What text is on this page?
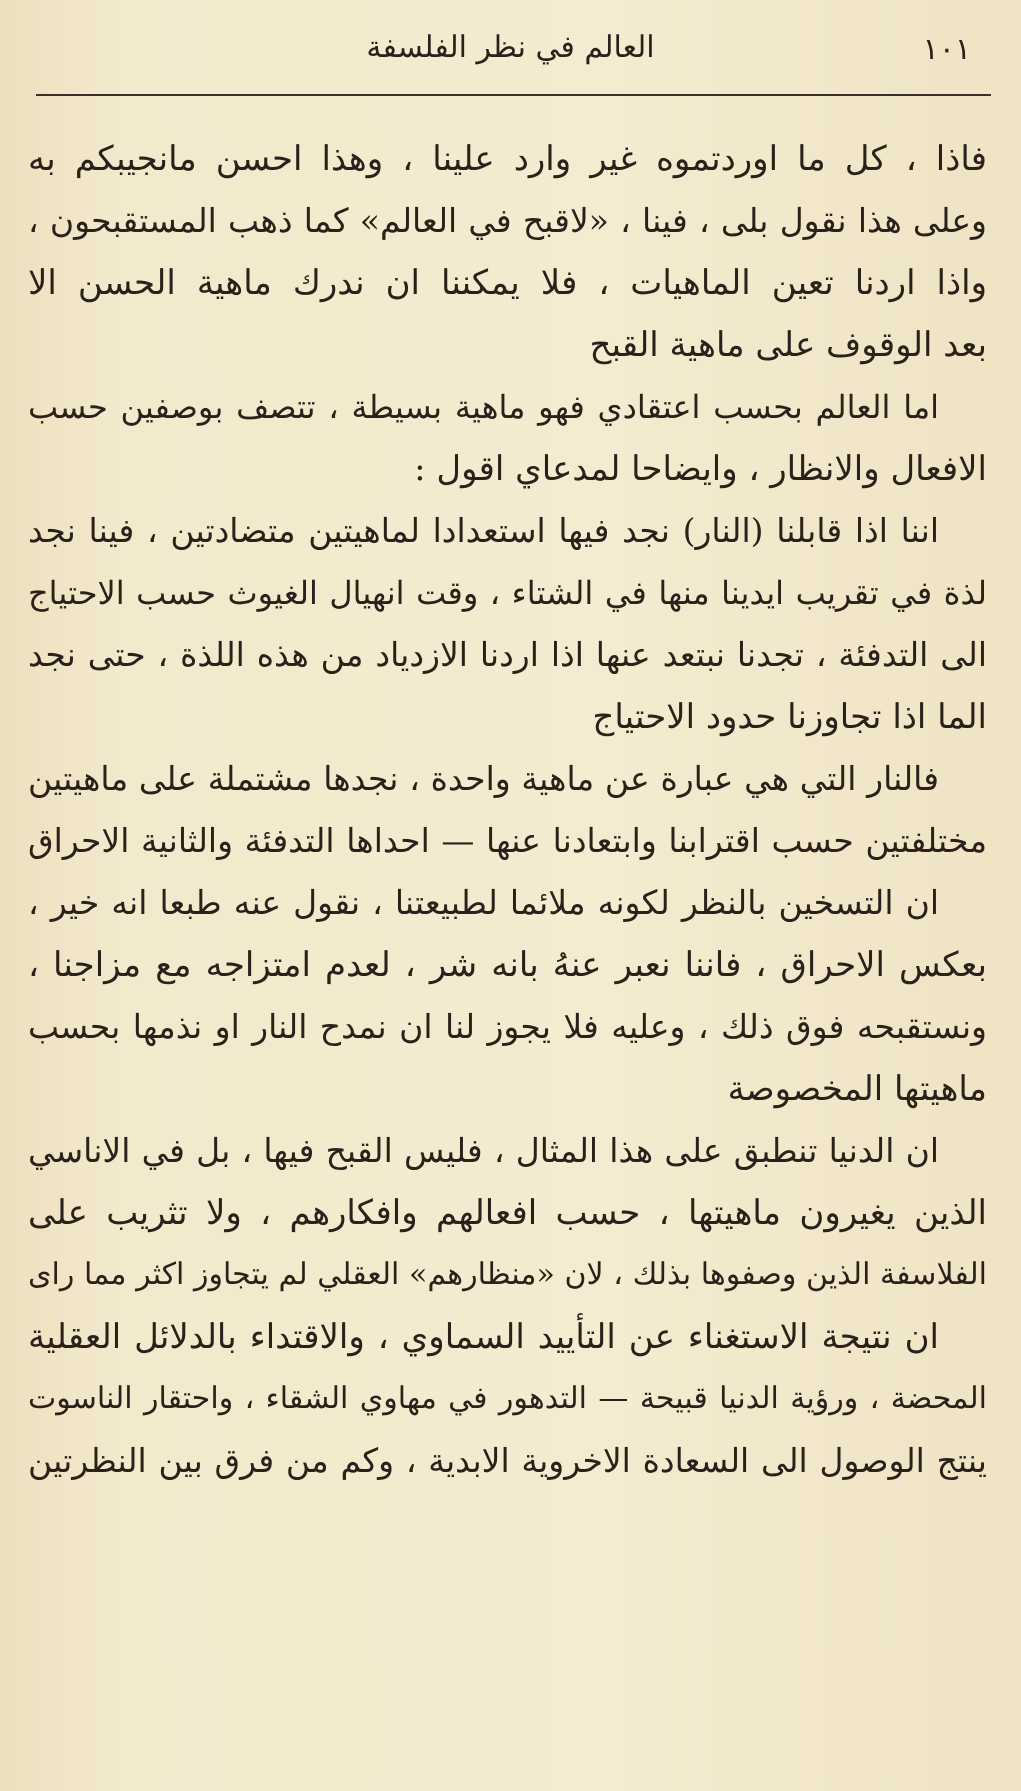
١٠١
العالم في نظر الفلسفة
فاذا ، كل ما اوردتموه غير وارد علينا ، وهذا احسن مانجيبكم به
وعلى هذا نقول بلى ، فينا ، «لاقبح في العالم» كما ذهب المستقبحون ،
واذا اردنا تعين الماهيات ، فلا يمكننا ان ندرك ماهية الحسن الا
بعد الوقوف على ماهية القبح
اما العالم بحسب اعتقادي فهو ماهية بسيطة ، تتصف بوصفين حسب
الافعال والانظار ، وايضاحا لمدعاي اقول :
اننا اذا قابلنا (النار) نجد فيها استعدادا لماهيتين متضادتين ، فينا نجد
لذة في تقريب ايدينا منها في الشتاء ، وقت انهيال الغيوث حسب الاحتياج
الى التدفئة ، تجدنا نبتعد عنها اذا اردنا الازدياد من هذه اللذة ، حتى نجد
الما اذا تجاوزنا حدود الاحتياج
فالنار التي هي عبارة عن ماهية واحدة ، نجدها مشتملة على ماهيتين
مختلفتين حسب اقترابنا وابتعادنا عنها — احداها التدفئة والثانية الاحراق
ان التسخين بالنظر لكونه ملائما لطبيعتنا ، نقول عنه طبعا انه خير ،
بعكس الاحراق ، فاننا نعبر عنهُ بانه شر ، لعدم امتزاجه مع مزاجنا ،
ونستقبحه فوق ذلك ، وعليه فلا يجوز لنا ان نمدح النار او نذمها بحسب
ماهيتها المخصوصة
ان الدنيا تنطبق على هذا المثال ، فليس القبح فيها ، بل في الاناسي
الذين يغيرون ماهيتها ، حسب افعالهم وافكارهم ، ولا تثريب على
الفلاسفة الذين وصفوها بذلك ، لان «منظارهم» العقلي لم يتجاوز اكثر مما راى
ان نتيجة الاستغناء عن التأييد السماوي ، والاقتداء بالدلائل العقلية
المحضة ، ورؤية الدنيا قبيحة — التدهور في مهاوي الشقاء ، واحتقار الناسوت
ينتج الوصول الى السعادة الاخروية الابدية ، وكم من فرق بين النظرتين
